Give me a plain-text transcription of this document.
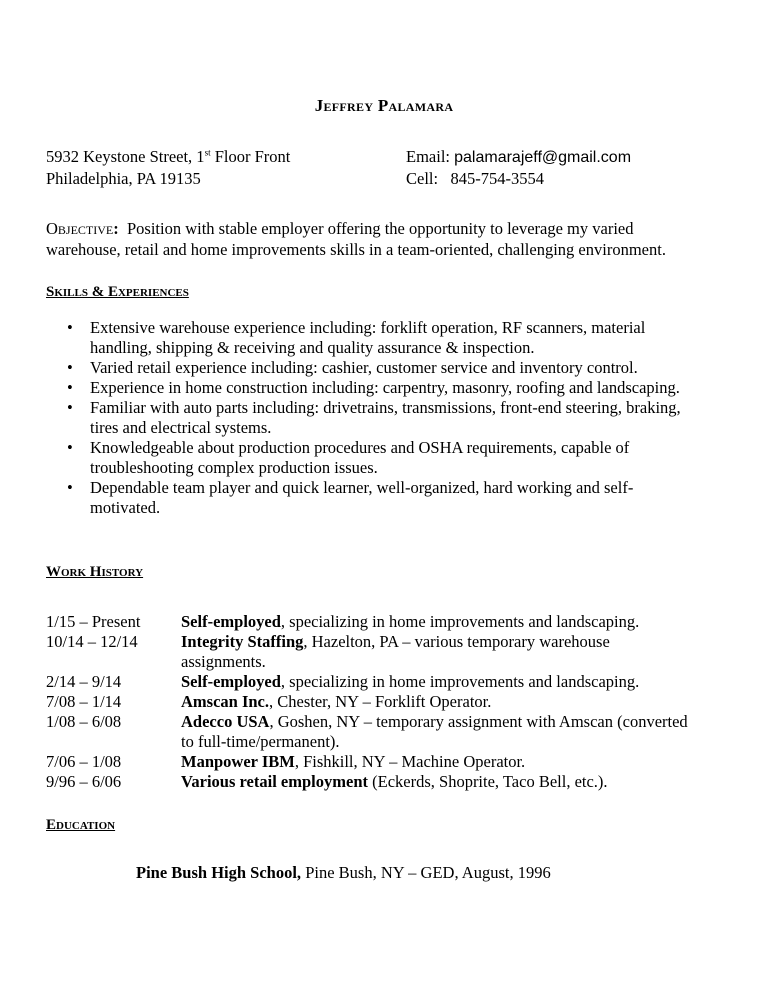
Jeffrey Palamara
5932 Keystone Street, 1st Floor Front
Philadelphia, PA 19135
Email: palamarajeff@gmail.com
Cell:   845-754-3554
Objective:  Position with stable employer offering the opportunity to leverage my varied
warehouse, retail and home improvements skills in a team-oriented, challenging environment.
Skills & Experiences
• Extensive warehouse experience including: forklift operation, RF scanners, material
handling, shipping & receiving and quality assurance & inspection.
• Varied retail experience including: cashier, customer service and inventory control.
• Experience in home construction including: carpentry, masonry, roofing and landscaping.
• Familiar with auto parts including: drivetrains, transmissions, front-end steering, braking,
tires and electrical systems.
• Knowledgeable about production procedures and OSHA requirements, capable of
troubleshooting complex production issues.
• Dependable team player and quick learner, well-organized, hard working and self-
motivated.
Work History
1/15 – Present	Self-employed, specializing in home improvements and landscaping.
10/14 – 12/14	Integrity Staffing, Hazelton, PA – various temporary warehouse
assignments.
2/14 – 9/14	Self-employed, specializing in home improvements and landscaping.
7/08 – 1/14	Amscan Inc., Chester, NY – Forklift Operator.
1/08 – 6/08	Adecco USA, Goshen, NY – temporary assignment with Amscan (converted
to full-time/permanent).
7/06 – 1/08	Manpower IBM, Fishkill, NY – Machine Operator.
9/96 – 6/06	Various retail employment (Eckerds, Shoprite, Taco Bell, etc.).
Education
Pine Bush High School, Pine Bush, NY – GED, August, 1996
